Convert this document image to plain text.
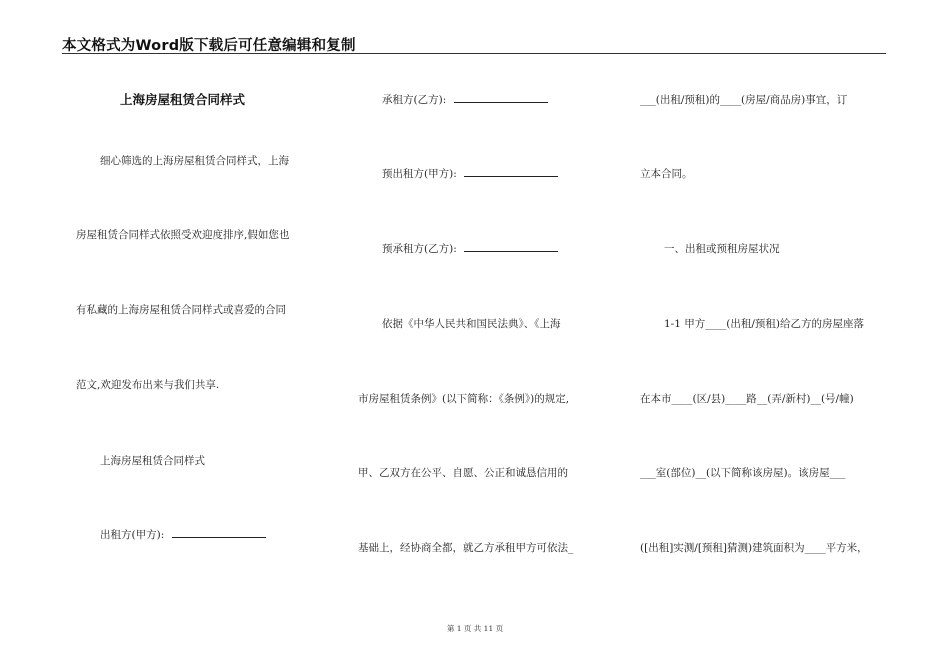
本文格式为Word版下载后可任意编辑和复制
上海房屋租赁合同样式
细心筛选的上海房屋租赁合同样式，上海
房屋租赁合同样式依照受欢迎度排序,假如您也
有私藏的上海房屋租赁合同样式或喜爱的合同
范文,欢迎发布出来与我们共享.
上海房屋租赁合同样式
出租方(甲方):
承租方(乙方):
预出租方(甲方):
预承租方(乙方):
依据《中华人民共和国民法典》、《上海
市房屋租赁条例》(以下简称：《条例》)的规定,
甲、乙双方在公平、自愿、公正和诚恳信用的
基础上，经协商全都，就乙方承租甲方可依法_
___(出租/预租)的____(房屋/商品房)事宜，订
立本合同。
一、出租或预租房屋状况
1-1 甲方____(出租/预租)给乙方的房屋座落
在本市____(区/县)____路__(弄/新村)__(号/幢)
___室(部位)__(以下简称该房屋)。该房屋___
([出租]实测/[预租]猜测)建筑面积为____平方米，
第 1 页 共 11 页
